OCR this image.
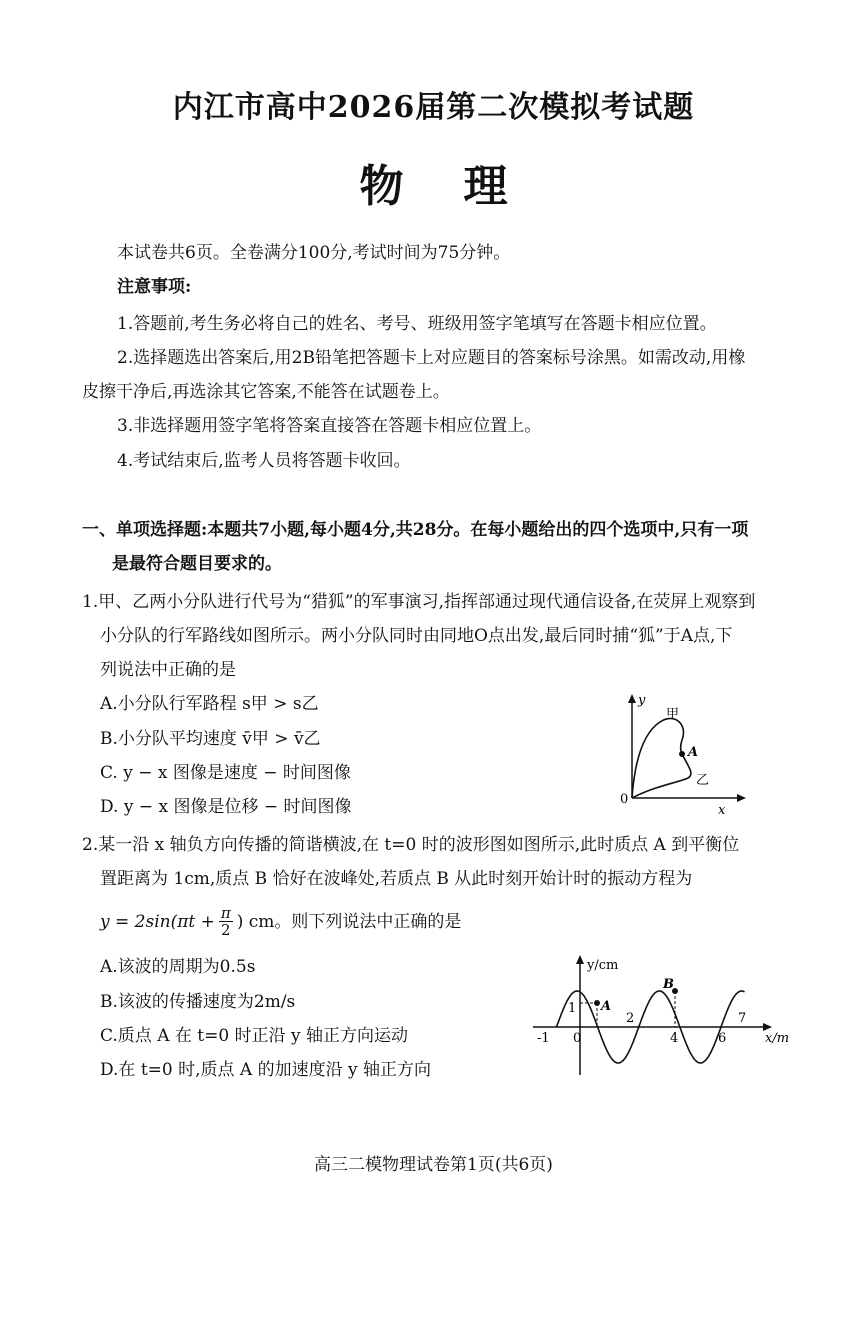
内江市高中2026届第二次模拟考试题
物理
本试卷共6页。全卷满分100分,考试时间为75分钟。
注意事项:
1.答题前,考生务必将自己的姓名、考号、班级用签字笔填写在答题卡相应位置。
2.选择题选出答案后,用2B铅笔把答题卡上对应题目的答案标号涂黑。如需改动,用橡
皮擦干净后,再选涂其它答案,不能答在试题卷上。
3.非选择题用签字笔将答案直接答在答题卡相应位置上。
4.考试结束后,监考人员将答题卡收回。
一、单项选择题:本题共7小题,每小题4分,共28分。在每小题给出的四个选项中,只有一项
是最符合题目要求的。
1.甲、乙两小分队进行代号为“猎狐”的军事演习,指挥部通过现代通信设备,在荧屏上观察到
小分队的行军路线如图所示。两小分队同时由同地O点出发,最后同时捕“狐”于A点,下
列说法中正确的是
A.小分队行军路程 s甲 > s乙
B.小分队平均速度 v̄甲 > v̄乙
C. y − x 图像是速度 − 时间图像
D. y − x 图像是位移 − 时间图像
y
x
0
甲
A
乙
2.某一沿 x 轴负方向传播的简谐横波,在 t=0 时的波形图如图所示,此时质点 A 到平衡位
置距离为 1cm,质点 B 恰好在波峰处,若质点 B 从此时刻开始计时的振动方程为
$y = 2\sin(\pi t + \frac{\pi}{2}$ ) cm。则下列说法中正确的是
A.该波的周期为0.5s
B.该波的传播速度为2m/s
C.质点 A 在 t=0 时正沿 y 轴正方向运动
D.在 t=0 时,质点 A 的加速度沿 y 轴正方向
y/cm
x/m
1 A
B
-1 0
2
4	6
7
高三二模物理试卷第1页(共6页)
